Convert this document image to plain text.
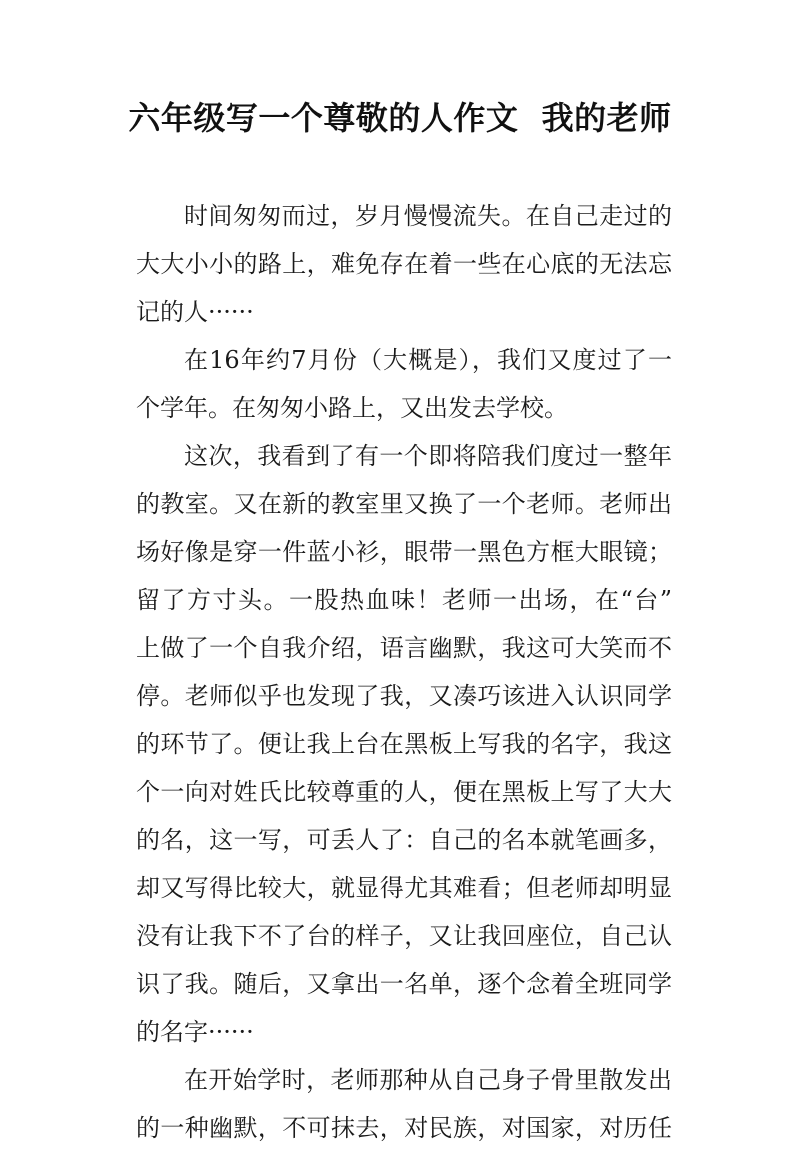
六年级写一个尊敬的人作文  我的老师
时间匆匆而过，岁月慢慢流失。在自己走过的
大大小小的路上，难免存在着一些在心底的无法忘
记的人······
在16年约7月份（大概是），我们又度过了一
个学年。在匆匆小路上，又出发去学校。
这次，我看到了有一个即将陪我们度过一整年
的教室。又在新的教室里又换了一个老师。老师出
场好像是穿一件蓝小衫，眼带一黑色方框大眼镜；
留了方寸头。一股热血味！老师一出场，在“台”
上做了一个自我介绍，语言幽默，我这可大笑而不
停。老师似乎也发现了我，又凑巧该进入认识同学
的环节了。便让我上台在黑板上写我的名字，我这
个一向对姓氏比较尊重的人，便在黑板上写了大大
的名，这一写，可丢人了：自己的名本就笔画多，
却又写得比较大，就显得尤其难看；但老师却明显
没有让我下不了台的样子，又让我回座位，自己认
识了我。随后，又拿出一名单，逐个念着全班同学
的名字······
在开始学时，老师那种从自己身子骨里散发出
的一种幽默，不可抹去，对民族，对国家，对历任
